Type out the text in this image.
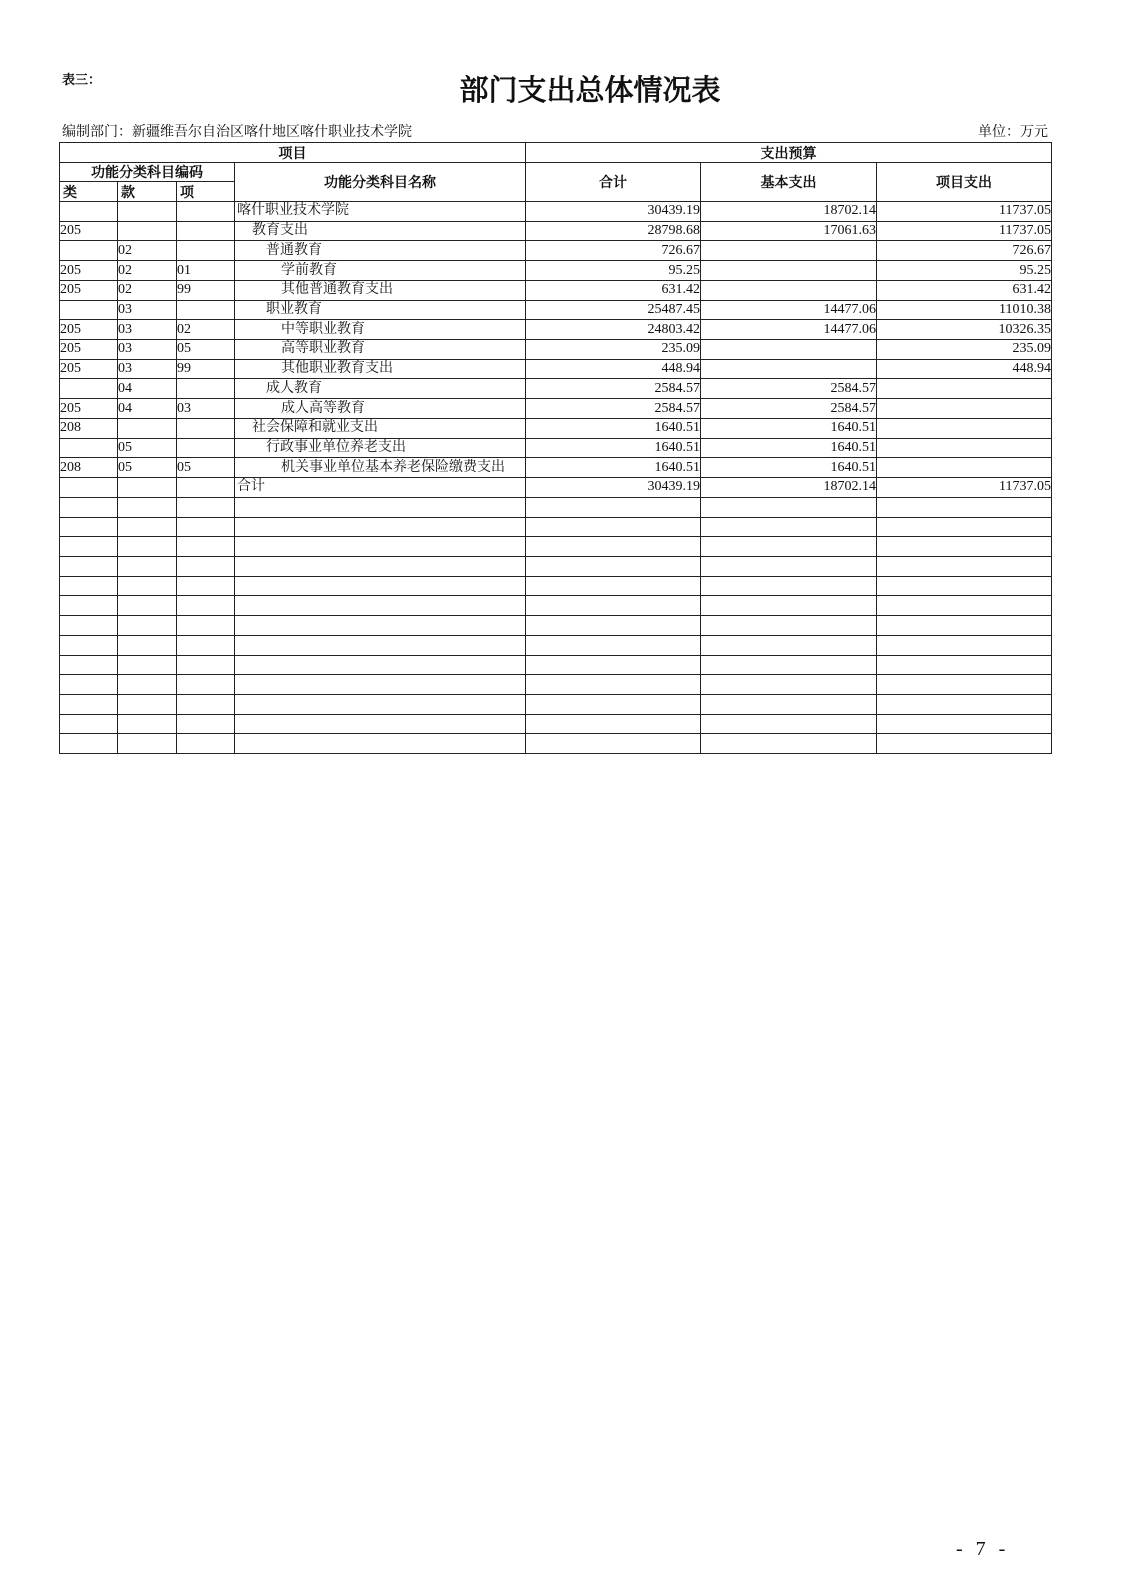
表三：	部门支出总体情况表
编制部门：新疆维吾尔自治区喀什地区喀什职业技术学院	单位：万元
项目				支出预算		
功能分类科目编码			功能分类科目名称	合计	基本支出	项目支出
类	款	项				
			喀什职业技术学院	30439.19	18702.14	11737.05
205			教育支出	28798.68	17061.63	11737.05
	02		普通教育	726.67		726.67
205	02	01	学前教育	95.25		95.25
205	02	99	其他普通教育支出	631.42		631.42
	03		职业教育	25487.45	14477.06	11010.38
205	03	02	中等职业教育	24803.42	14477.06	10326.35
205	03	05	高等职业教育	235.09		235.09
205	03	99	其他职业教育支出	448.94		448.94
	04		成人教育	2584.57	2584.57	
205	04	03	成人高等教育	2584.57	2584.57	
208			社会保障和就业支出	1640.51	1640.51	
	05		行政事业单位养老支出	1640.51	1640.51	
208	05	05	机关事业单位基本养老保险缴费支出	1640.51	1640.51	
			合计	30439.19	18702.14	11737.05

- 7 -
